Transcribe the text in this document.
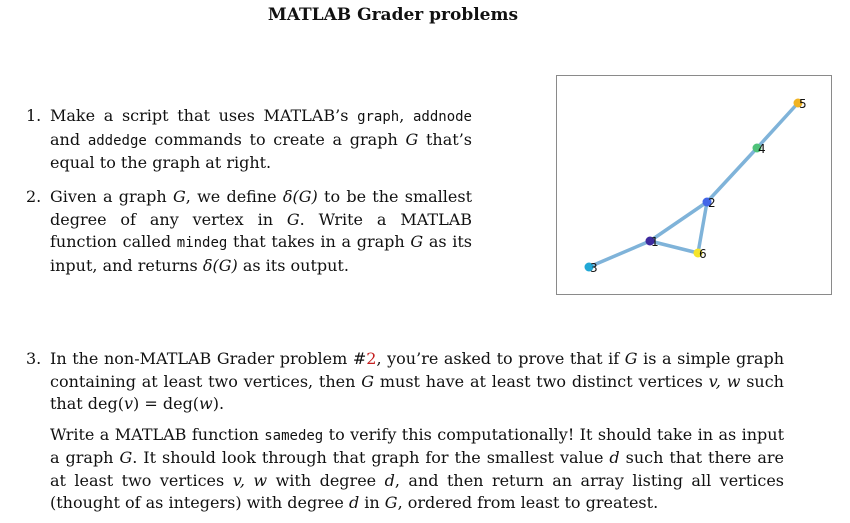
MATLAB Grader problems
1. Make a script that uses MATLAB’s graph, addnode and addedge commands to create a graph G that’s equal to the graph at right.

2. Given a graph G, we define δ(G) to be the smallest degree of any vertex in G. Write a MATLAB function called mindeg that takes in a graph G as its input, and returns δ(G) as its output.

1
2
3
4
5
6
3. In the non-MATLAB Grader problem #2, you’re asked to prove that if G is a simple graph containing at least two vertices, then G must have at least two distinct vertices v, w such that deg(v) = deg(w).

Write a MATLAB function samedeg to verify this computationally! It should take in as input a graph G. It should look through that graph for the smallest value d such that there are at least two vertices v, w with degree d, and then return an array listing all vertices (thought of as integers) with degree d in G, ordered from least to greatest.
